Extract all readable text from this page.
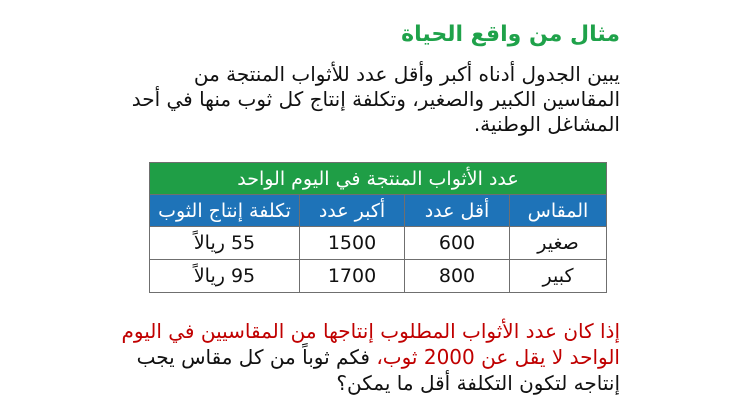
مثال من واقع الحياة
يبين الجدول أدناه أكبر وأقل عدد للأثواب المنتجة من المقاسين الكبير والصغير، وتكلفة إنتاج كل ثوب منها في أحد المشاغل الوطنية.
عدد الأثواب المنتجة في اليوم الواحد			
المقاس	أقل عدد	أكبر عدد	تكلفة إنتاج الثوب
صغير	600	1500	55 ريالاً
كبير	800	1700	95 ريالاً
إذا كان عدد الأثواب المطلوب إنتاجها من المقاسيين في اليوم الواحد لا يقل عن 2000 ثوب، فكم ثوباً من كل مقاس يجب إنتاجه لتكون التكلفة أقل ما يمكن؟
